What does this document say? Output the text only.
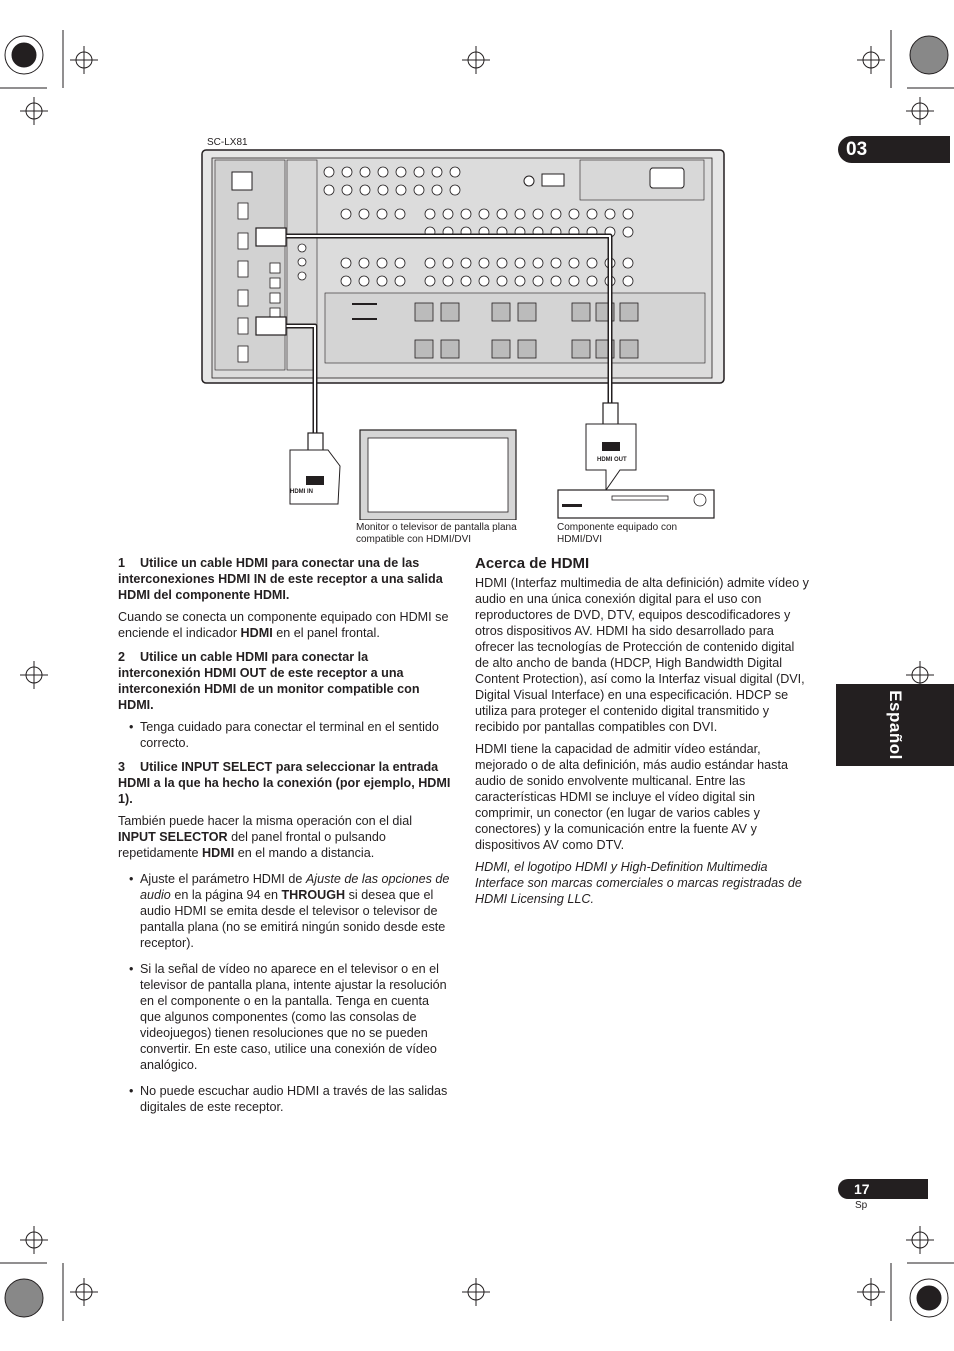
03
Español
SC-LX81
HDMI IN
HDMI OUT
Monitor o televisor de pantalla plana compatible con HDMI/DVI
Componente equipado con HDMI/DVI

1 Utilice un cable HDMI para conectar una de las interconexiones HDMI IN de este receptor a una salida HDMI del componente HDMI.

Cuando se conecta un componente equipado con HDMI se enciende el indicador HDMI en el panel frontal.

2 Utilice un cable HDMI para conectar la interconexión HDMI OUT de este receptor a una interconexión HDMI de un monitor compatible con HDMI.

• Tenga cuidado para conectar el terminal en el sentido correcto.

3 Utilice INPUT SELECT para seleccionar la entrada HDMI a la que ha hecho la conexión (por ejemplo, HDMI 1).

También puede hacer la misma operación con el dial INPUT SELECTOR del panel frontal o pulsando repetidamente HDMI en el mando a distancia.

• Ajuste el parámetro HDMI de Ajuste de las opciones de audio en la página 94 en THROUGH si desea que el audio HDMI se emita desde el televisor o televisor de pantalla plana (no se emitirá ningún sonido desde este receptor).

• Si la señal de vídeo no aparece en el televisor o en el televisor de pantalla plana, intente ajustar la resolución en el componente o en la pantalla. Tenga en cuenta que algunos componentes (como las consolas de videojuegos) tienen resoluciones que no se pueden convertir. En este caso, utilice una conexión de vídeo analógico.

• No puede escuchar audio HDMI a través de las salidas digitales de este receptor.

Acerca de HDMI

HDMI (Interfaz multimedia de alta definición) admite vídeo y audio en una única conexión digital para el uso con reproductores de DVD, DTV, equipos descodificadores y otros dispositivos AV. HDMI ha sido desarrollado para ofrecer las tecnologías de Protección de contenido digital de alto ancho de banda (HDCP, High Bandwidth Digital Content Protection), así como la Interfaz visual digital (DVI, Digital Visual Interface) en una especificación. HDCP se utiliza para proteger el contenido digital transmitido y recibido por pantallas compatibles con DVI.

HDMI tiene la capacidad de admitir vídeo estándar, mejorado o de alta definición, más audio estándar hasta audio de sonido envolvente multicanal. Entre las características HDMI se incluye el vídeo digital sin comprimir, un conector (en lugar de varios cables y conectores) y la comunicación entre la fuente AV y dispositivos AV como DTV.

HDMI, el logotipo HDMI y High-Definition Multimedia Interface son marcas comerciales o marcas registradas de HDMI Licensing LLC.

17
Sp
